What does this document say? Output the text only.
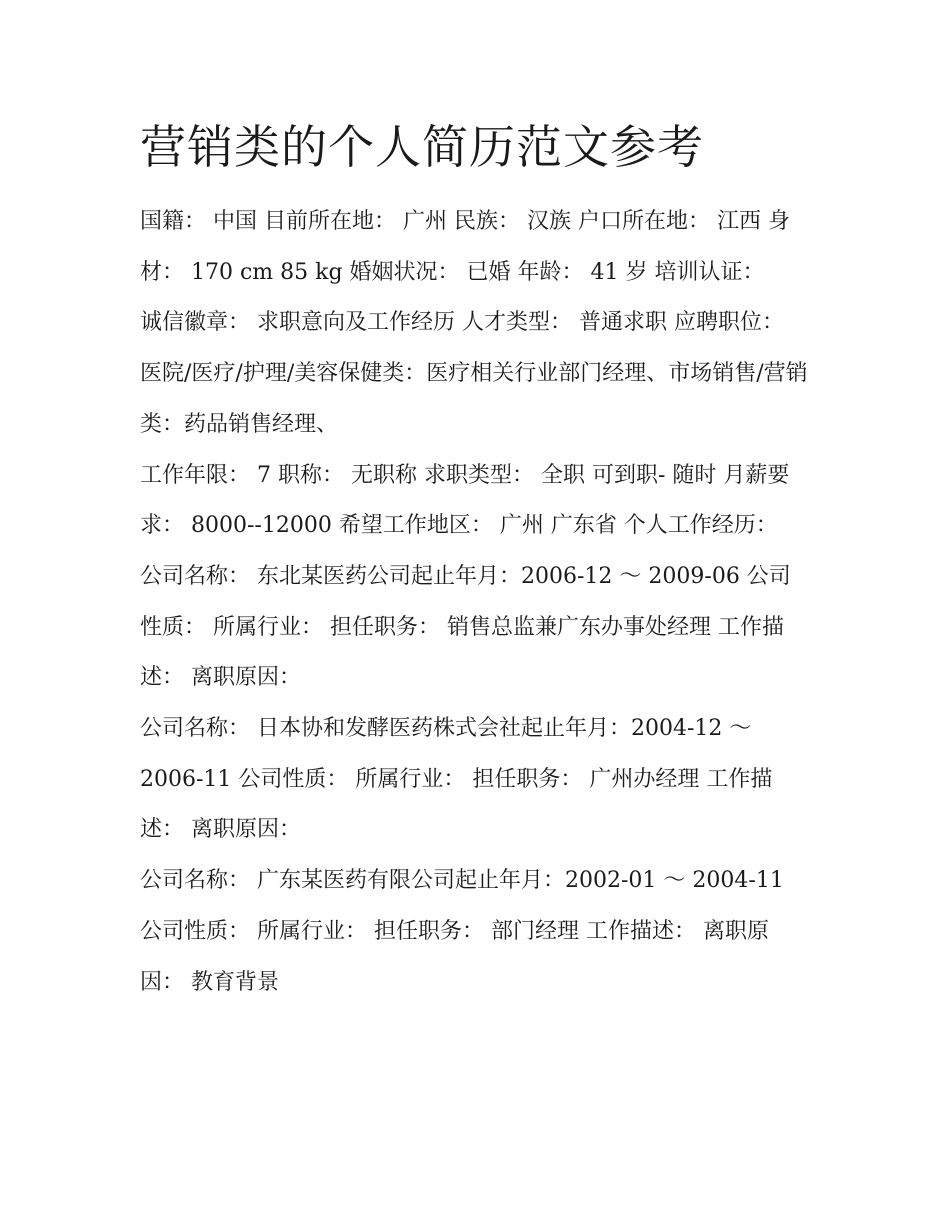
营销类的个人简历范文参考

国籍： 中国 目前所在地： 广州 民族： 汉族 户口所在地： 江西 身材： 170 cm 85 kg 婚姻状况： 已婚 年龄： 41 岁 培训认证：

诚信徽章： 求职意向及工作经历 人才类型： 普通求职 应聘职位： 医院/医疗/护理/美容保健类：医疗相关行业部门经理、市场销售/营销类：药品销售经理、

工作年限： 7 职称： 无职称 求职类型： 全职 可到职- 随时 月薪要求： 8000--12000 希望工作地区： 广州 广东省 个人工作经历：

公司名称： 东北某医药公司起止年月：2006-12 ～ 2009-06 公司性质： 所属行业： 担任职务： 销售总监兼广东办事处经理 工作描述： 离职原因：

公司名称： 日本协和发酵医药株式会社起止年月：2004-12 ～ 2006-11 公司性质： 所属行业： 担任职务： 广州办经理 工作描述： 离职原因：

公司名称： 广东某医药有限公司起止年月：2002-01 ～ 2004-11 公司性质： 所属行业： 担任职务： 部门经理 工作描述： 离职原因： 教育背景
